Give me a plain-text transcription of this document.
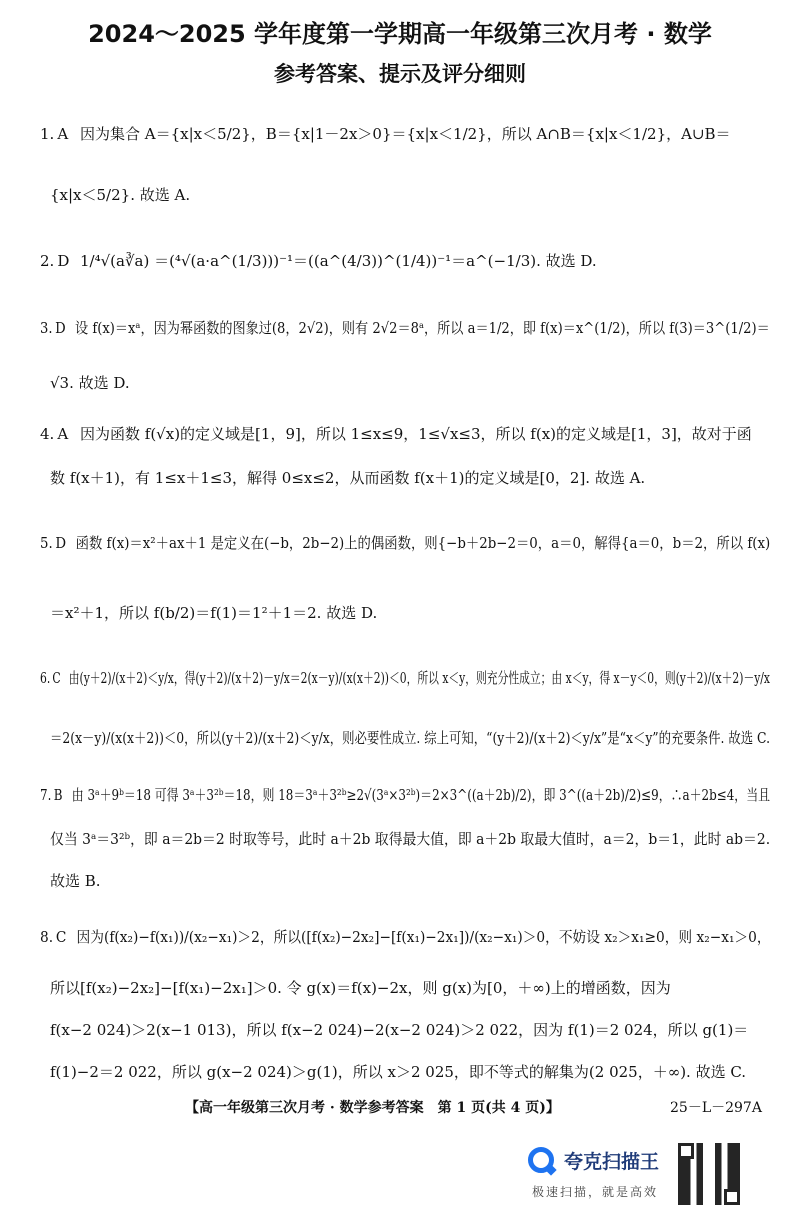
2024～2025 学年度第一学期高一年级第三次月考 · 数学
参考答案、提示及评分细则
1. A 因为集合 A＝{x|x＜5/2}，B＝{x|1－2x＞0}＝{x|x＜1/2}，所以 A∩B＝{x|x＜1/2}，A∪B＝
{x|x＜5/2}. 故选 A.
2. D 1/⁴√(a∛a) ＝(⁴√(a·a^(1/3)))⁻¹＝((a^(4/3))^(1/4))⁻¹＝a^(−1/3). 故选 D.
3. D 设 f(x)＝xᵃ，因为幂函数的图象过(8，2√2)，则有 2√2＝8ᵃ，所以 a＝1/2，即 f(x)＝x^(1/2)，所以 f(3)＝3^(1/2)＝
√3. 故选 D.
4. A 因为函数 f(√x)的定义域是[1，9]，所以 1≤x≤9，1≤√x≤3，所以 f(x)的定义域是[1，3]，故对于函
数 f(x＋1)，有 1≤x＋1≤3，解得 0≤x≤2，从而函数 f(x＋1)的定义域是[0，2]. 故选 A.
5. D 函数 f(x)＝x²＋ax＋1 是定义在(−b，2b−2)上的偶函数，则{−b＋2b−2＝0，a＝0，解得{a＝0，b＝2，所以 f(x)
＝x²＋1，所以 f(b/2)＝f(1)＝1²＋1＝2. 故选 D.
6. C 由(y＋2)/(x＋2)＜y/x，得(y＋2)/(x＋2)－y/x＝2(x－y)/(x(x＋2))＜0，所以 x＜y，则充分性成立；由 x＜y，得 x－y＜0，则(y＋2)/(x＋2)－y/x
＝2(x－y)/(x(x＋2))＜0，所以(y＋2)/(x＋2)＜y/x，则必要性成立. 综上可知，“(y＋2)/(x＋2)＜y/x”是“x＜y”的充要条件. 故选 C.
7. B 由 3ᵃ＋9ᵇ＝18 可得 3ᵃ＋3²ᵇ＝18，则 18＝3ᵃ＋3²ᵇ≥2√(3ᵃ×3²ᵇ)＝2×3^((a＋2b)/2)，即 3^((a＋2b)/2)≤9，∴a＋2b≤4，当且
仅当 3ᵃ＝3²ᵇ，即 a＝2b＝2 时取等号，此时 a＋2b 取得最大值，即 a＋2b 取最大值时，a＝2，b＝1，此时 ab＝2.
故选 B.
8. C 因为(f(x₂)−f(x₁))/(x₂−x₁)＞2，所以([f(x₂)−2x₂]−[f(x₁)−2x₁])/(x₂−x₁)＞0，不妨设 x₂＞x₁≥0，则 x₂−x₁＞0，
所以[f(x₂)−2x₂]−[f(x₁)−2x₁]＞0. 令 g(x)＝f(x)−2x，则 g(x)为[0，＋∞)上的增函数，因为
f(x−2 024)＞2(x−1 013)，所以 f(x−2 024)−2(x−2 024)＞2 022，因为 f(1)＝2 024，所以 g(1)＝
f(1)−2＝2 022，所以 g(x−2 024)＞g(1)，所以 x＞2 025，即不等式的解集为(2 025，＋∞). 故选 C.
【高一年级第三次月考 · 数学参考答案　第 1 页(共 4 页)】	25－L－297A
夸克扫描王
极速扫描，就是高效
